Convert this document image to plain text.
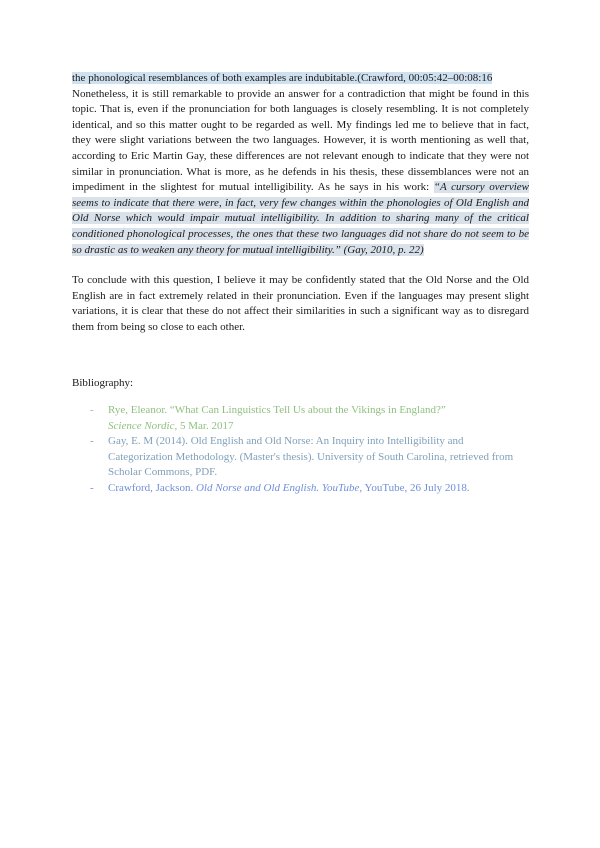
the phonological resemblances of both examples are indubitable.(Crawford, 00:05:42–00:08:16

Nonetheless, it is still remarkable to provide an answer for a contradiction that might be found in this topic. That is, even if the pronunciation for both languages is closely resembling. It is not completely identical, and so this matter ought to be regarded as well. My findings led me to believe that in fact, they were slight variations between the two languages. However, it is worth mentioning as well that, according to Eric Martin Gay, these differences are not relevant enough to indicate that they were not similar in pronunciation. What is more, as he defends in his thesis, these dissemblances were not an impediment in the slightest for mutual intelligibility. As he says in his work: “A cursory overview seems to indicate that there were, in fact, very few changes within the phonologies of Old English and Old Norse which would impair mutual intelligibility. In addition to sharing many of the critical conditioned phonological processes, the ones that these two languages did not share do not seem to be so drastic as to weaken any theory for mutual intelligibility.” (Gay, 2010, p. 22)

To conclude with this question, I believe it may be confidently stated that the Old Norse and the Old English are in fact extremely related in their pronunciation. Even if the languages may present slight variations, it is clear that these do not affect their similarities in such a significant way as to disregard them from being so close to each other.

Bibliography:
- Rye, Eleanor. “What Can Linguistics Tell Us about the Vikings in England?”
Science Nordic, 5 Mar. 2017
- Gay, E. M (2014). Old English and Old Norse: An Inquiry into Intelligibility and Categorization Methodology. (Master's thesis). University of South Carolina, retrieved from Scholar Commons, PDF.
- Crawford, Jackson. Old Norse and Old English. YouTube, YouTube, 26 July 2018.
